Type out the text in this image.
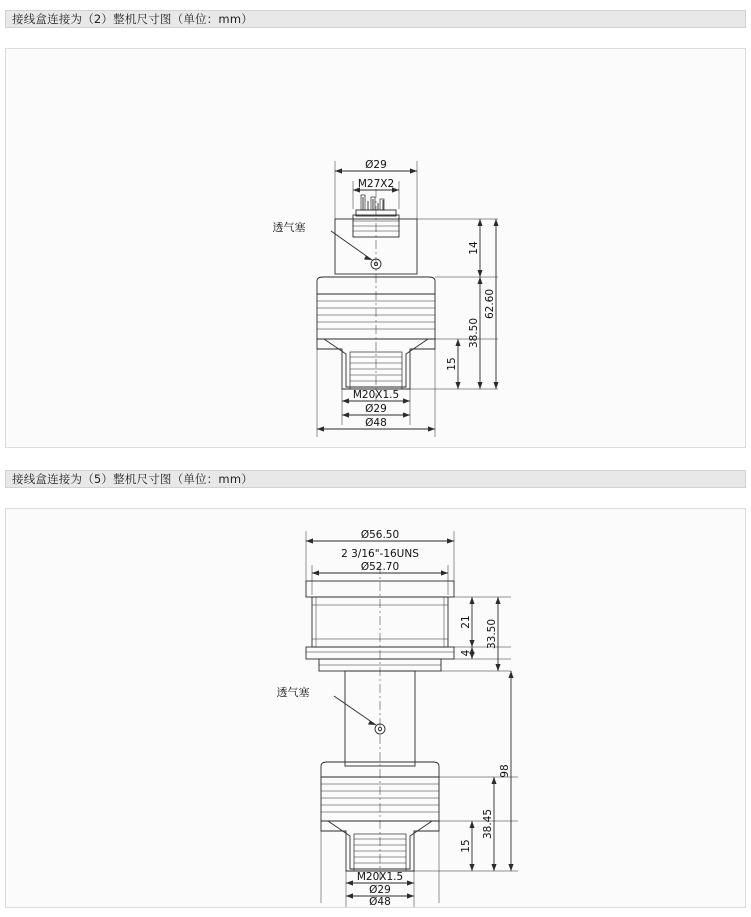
接线盒连接为（2）整机尺寸图（单位：mm）
Ø29
M27X2
透气塞
14
15
38.50
62.60
M20X1.5
Ø29
Ø48
接线盒连接为（5）整机尺寸图（单位：mm）
Ø56.50
2 3/16"-16UNS
Ø52.70
透气塞
21
4
33.50
98
38.45
15
M20X1.5
Ø29
Ø48
